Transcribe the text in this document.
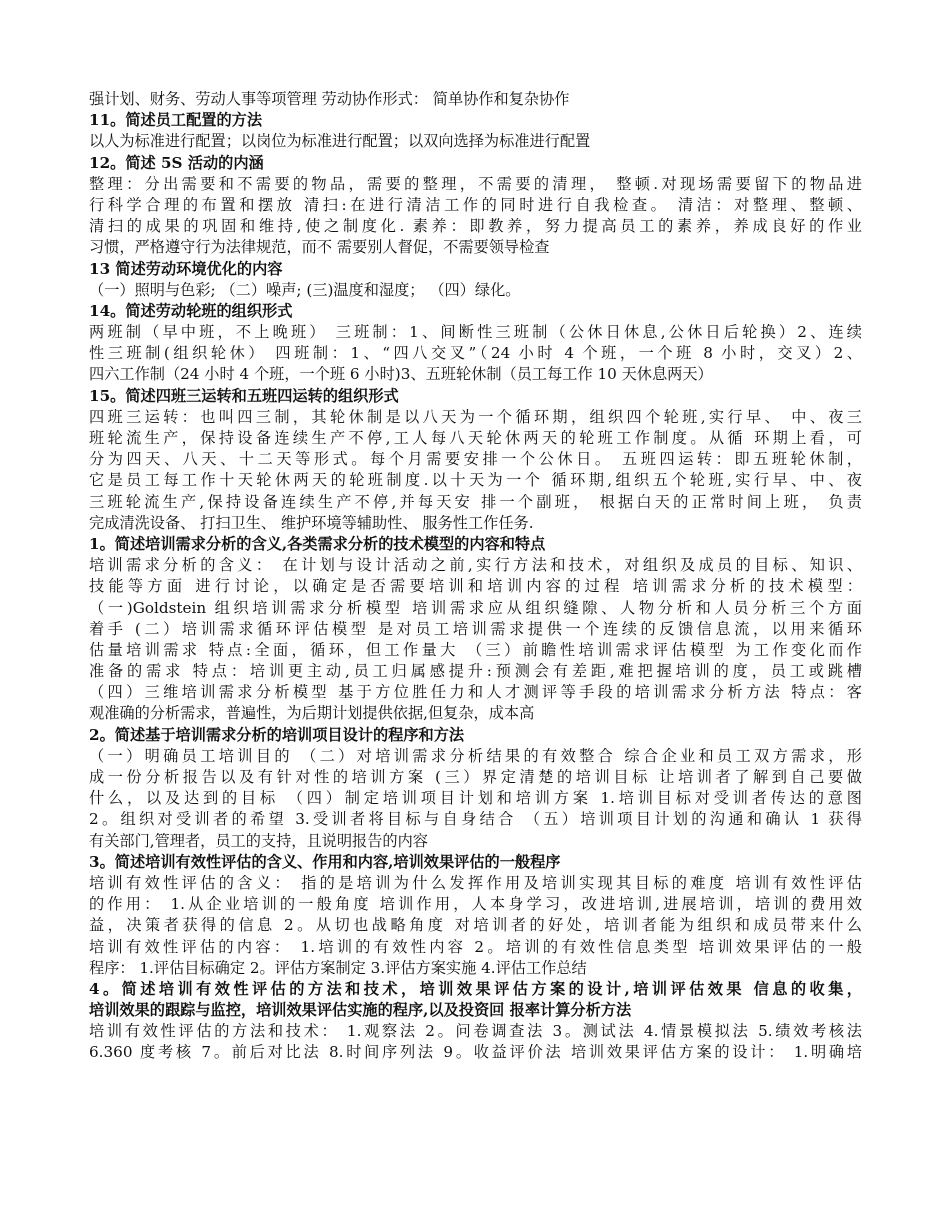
强计划、财务、劳动人事等项管理 劳动协作形式： 简单协作和复杂协作
11。简述员工配置的方法
以人为标准进行配置；以岗位为标准进行配置；以双向选择为标准进行配置
12。简述 5S 活动的内涵
整理：分出需要和不需要的物品，需要的整理，不需要的清理， 整顿.对现场需要留下的物品进
行科学合理的布置和摆放 清扫:在进行清洁工作的同时进行自我检查。 清洁：对整理、整顿、
清扫的成果的巩固和维持,使之制度化. 素养：即教养，努力提高员工的素养，养成良好的作业
习惯，严格遵守行为法律规范，而不 需要别人督促，不需要领导检查
13 简述劳动环境优化的内容
（一）照明与色彩; （二）噪声; (三)温度和湿度； （四）绿化。
14。简述劳动轮班的组织形式
两班制（早中班，不上晚班） 三班制：1、间断性三班制（公休日休息,公休日后轮换）2、连续
性三班制(组织轮休） 四班制：1、“四八交叉”（24 小时 4 个班，一个班 8 小时，交叉）2、
四六工作制（24 小时 4 个班，一个班 6 小时)3、五班轮休制（员工每工作 10 天休息两天）
15。简述四班三运转和五班四运转的组织形式
四班三运转：也叫四三制，其轮休制是以八天为一个循环期，组织四个轮班,实行早、 中、夜三
班轮流生产，保持设备连续生产不停,工人每八天轮休两天的轮班工作制度。从循 环期上看，可
分为四天、八天、十二天等形式。每个月需要安排一个公休日。 五班四运转：即五班轮休制，
它是员工每工作十天轮休两天的轮班制度.以十天为一个 循环期,组织五个轮班,实行早、中、夜
三班轮流生产,保持设备连续生产不停,并每天安 排一个副班， 根据白天的正常时间上班， 负责
完成清洗设备、 打扫卫生、 维护环境等辅助性、 服务性工作任务.
1。简述培训需求分析的含义,各类需求分析的技术模型的内容和特点
培训需求分析的含义： 在计划与设计活动之前,实行方法和技术，对组织及成员的目标、知识、
技能等方面 进行讨论，以确定是否需要培训和培训内容的过程 培训需求分析的技术模型：
（一)Goldstein 组织培训需求分析模型 培训需求应从组织缝隙、人物分析和人员分析三个方面
着手 (二）培训需求循环评估模型 是对员工培训需求提供一个连续的反馈信息流，以用来循环
估量培训需求 特点:全面，循环，但工作量大 （三）前瞻性培训需求评估模型 为工作变化而作
准备的需求 特点：培训更主动,员工归属感提升:预测会有差距,难把握培训的度，员工或跳槽
（四）三维培训需求分析模型 基于方位胜任力和人才测评等手段的培训需求分析方法 特点：客
观准确的分析需求，普遍性，为后期计划提供依据,但复杂，成本高
2。简述基于培训需求分析的培训项目设计的程序和方法
（一）明确员工培训目的 （二）对培训需求分析结果的有效整合 综合企业和员工双方需求，形
成一份分析报告以及有针对性的培训方案 (三）界定清楚的培训目标 让培训者了解到自己要做
什么，以及达到的目标 （四）制定培训项目计划和培训方案 1.培训目标对受训者传达的意图
2。组织对受训者的希望 3.受训者将目标与自身结合 （五）培训项目计划的沟通和确认 1 获得
有关部门,管理者，员工的支持，且说明报告的内容
3。简述培训有效性评估的含义、作用和内容,培训效果评估的一般程序
培训有效性评估的含义： 指的是培训为什么发挥作用及培训实现其目标的难度 培训有效性评估
的作用： 1.从企业培训的一般角度 培训作用，人本身学习，改进培训,进展培训，培训的费用效
益，决策者获得的信息 2。从切也战略角度 对培训者的好处，培训者能为组织和成员带来什么
培训有效性评估的内容： 1.培训的有效性内容 2。培训的有效性信息类型 培训效果评估的一般
程序： 1.评估目标确定 2。评估方案制定 3.评估方案实施 4.评估工作总结
4。简述培训有效性评估的方法和技术，培训效果评估方案的设计,培训评估效果 信息的收集，
培训效果的跟踪与监控，培训效果评估实施的程序,以及投资回 报率计算分析方法
培训有效性评估的方法和技术： 1.观察法 2。问卷调查法 3。测试法 4.情景模拟法 5.绩效考核法
6.360 度考核 7。前后对比法 8.时间序列法 9。收益评价法 培训效果评估方案的设计： 1.明确培
